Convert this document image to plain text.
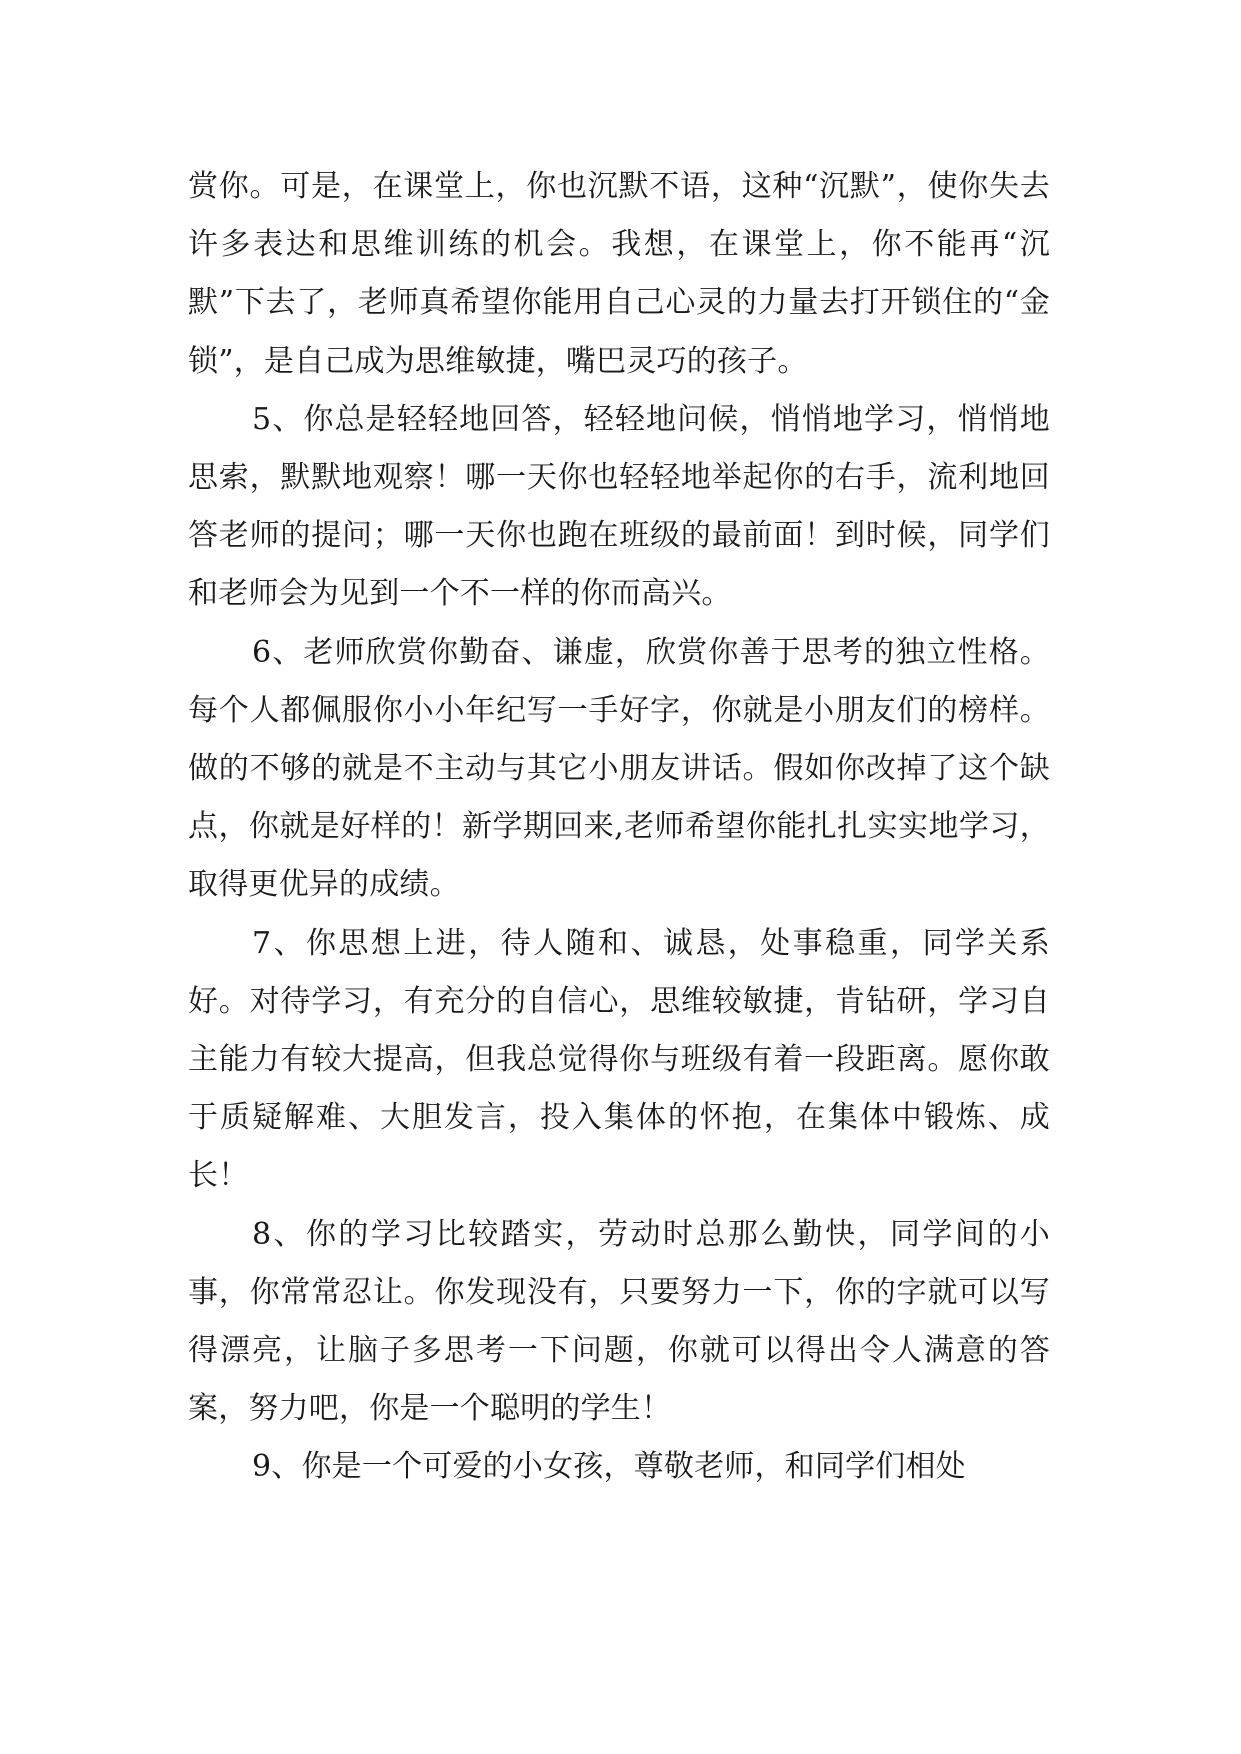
赏你。可是，在课堂上，你也沉默不语，这种“沉默”，使你失去许多表达和思维训练的机会。我想，在课堂上，你不能再“沉默”下去了，老师真希望你能用自己心灵的力量去打开锁住的“金锁”，是自己成为思维敏捷，嘴巴灵巧的孩子。

5、你总是轻轻地回答，轻轻地问候，悄悄地学习，悄悄地思索，默默地观察！哪一天你也轻轻地举起你的右手，流利地回答老师的提问；哪一天你也跑在班级的最前面！到时候，同学们和老师会为见到一个不一样的你而高兴。

6、老师欣赏你勤奋、谦虚，欣赏你善于思考的独立性格。每个人都佩服你小小年纪写一手好字，你就是小朋友们的榜样。做的不够的就是不主动与其它小朋友讲话。假如你改掉了这个缺点，你就是好样的！新学期回来,老师希望你能扎扎实实地学习，取得更优异的成绩。

7、你思想上进，待人随和、诚恳，处事稳重，同学关系好。对待学习，有充分的自信心，思维较敏捷，肯钻研，学习自主能力有较大提高，但我总觉得你与班级有着一段距离。愿你敢于质疑解难、大胆发言，投入集体的怀抱，在集体中锻炼、成长！

8、你的学习比较踏实，劳动时总那么勤快，同学间的小事，你常常忍让。你发现没有，只要努力一下，你的字就可以写得漂亮，让脑子多思考一下问题，你就可以得出令人满意的答案，努力吧，你是一个聪明的学生！

9、你是一个可爱的小女孩，尊敬老师，和同学们相处
